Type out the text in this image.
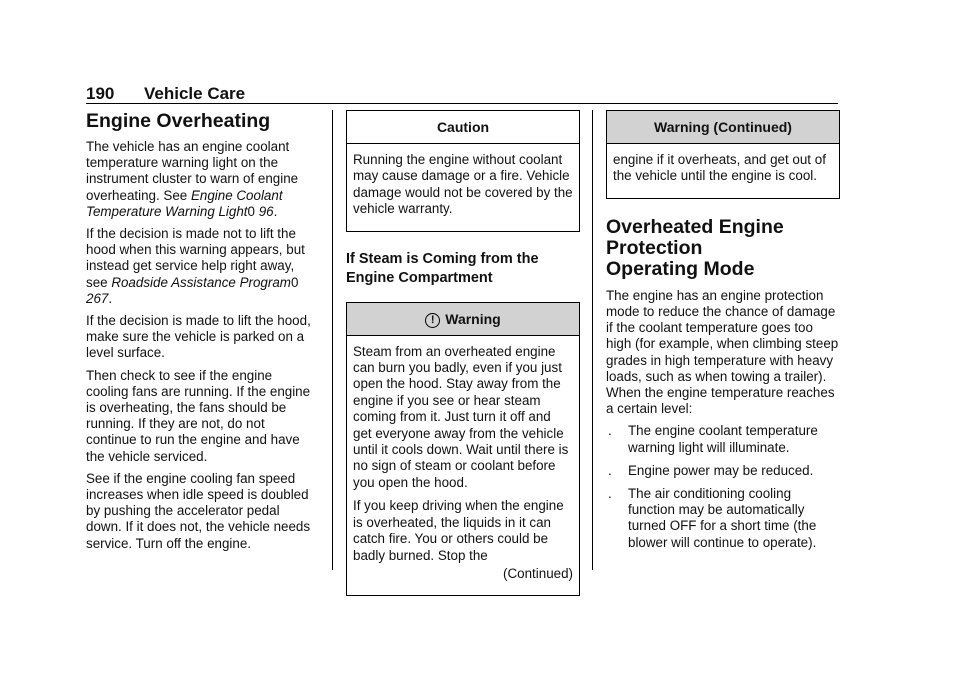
190 Vehicle Care
Engine Overheating

The vehicle has an engine coolant temperature warning light on the instrument cluster to warn of engine overheating. See Engine Coolant Temperature Warning Light0 96.

If the decision is made not to lift the hood when this warning appears, but instead get service help right away, see Roadside Assistance Program0 267.

If the decision is made to lift the hood, make sure the vehicle is parked on a level surface.

Then check to see if the engine cooling fans are running. If the engine is overheating, the fans should be running. If they are not, do not continue to run the engine and have the vehicle serviced.

See if the engine cooling fan speed increases when idle speed is doubled by pushing the accelerator pedal down. If it does not, the vehicle needs service. Turn off the engine.

Caution

Running the engine without coolant may cause damage or a fire. Vehicle damage would not be covered by the vehicle warranty.

If Steam is Coming from the Engine Compartment
! Warning

Steam from an overheated engine can burn you badly, even if you just open the hood. Stay away from the engine if you see or hear steam coming from it. Just turn it off and get everyone away from the vehicle until it cools down. Wait until there is no sign of steam or coolant before you open the hood.

If you keep driving when the engine is overheated, the liquids in it can catch fire. You or others could be badly burned. Stop the

(Continued)

Warning (Continued)

engine if it overheats, and get out of the vehicle until the engine is cool.

Overheated Engine Protection
Operating Mode

The engine has an engine protection mode to reduce the chance of damage if the coolant temperature goes too high (for example, when climbing steep grades in high temperature with heavy loads, such as when towing a trailer). When the engine temperature reaches a certain level:

. The engine coolant temperature warning light will illuminate.
. Engine power may be reduced.
. The air conditioning cooling function may be automatically turned OFF for a short time (the blower will continue to operate).
